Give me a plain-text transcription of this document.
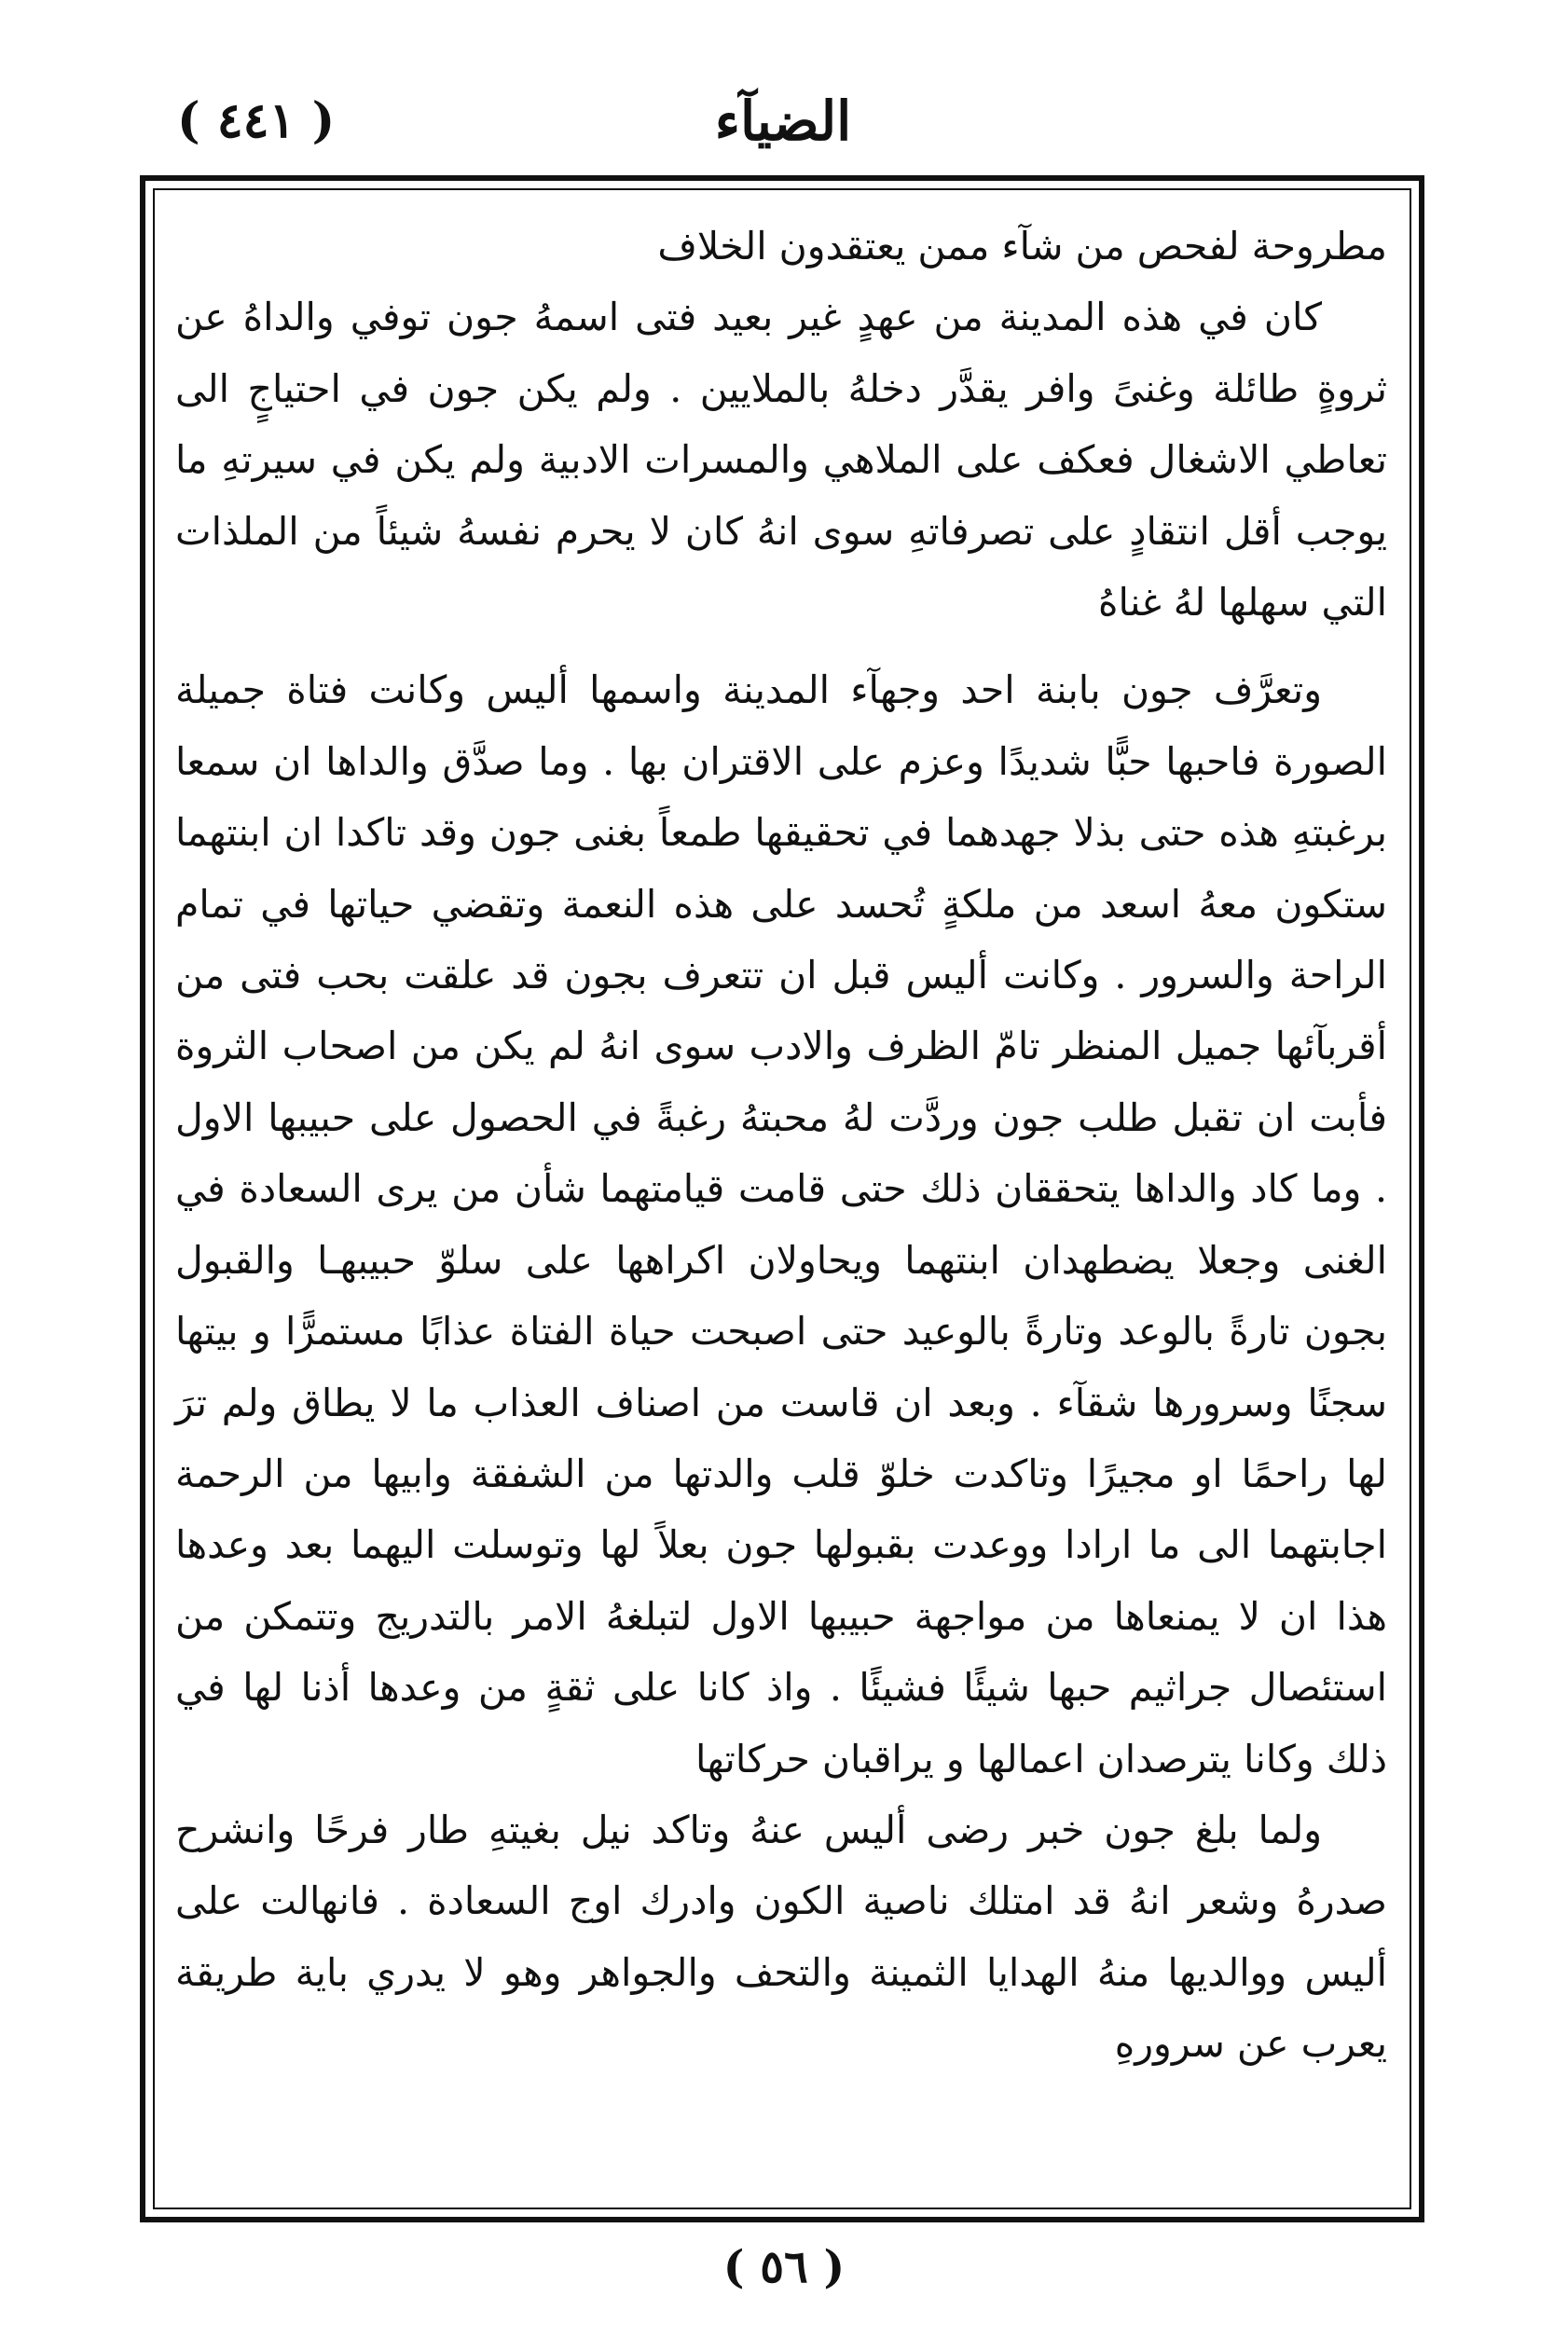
( ٤٤١ )	الضيآء

مطروحة لفحص من شآء ممن يعتقدون الخلاف

كان في هذه المدينة من عهدٍ غير بعيد فتى اسمهُ جون توفي والداهُ عن ثروةٍ طائلة وغنىً وافر يقدَّر دخلهُ بالملايين . ولم يكن جون في احتياجٍ الى تعاطي الاشغال فعكف على الملاهي والمسرات الادبية ولم يكن في سيرتهِ ما يوجب أقل انتقادٍ على تصرفاتهِ سوى انهُ كان لا يحرم نفسهُ شيئاً من الملذات التي سهلها لهُ غناهُ

وتعرَّف جون بابنة احد وجهآء المدينة واسمها أليس وكانت فتاة جميلة الصورة فاحبها حبًّا شديدًا وعزم على الاقتران بها . وما صدَّق والداها ان سمعا برغبتهِ هذه حتى بذلا جهدهما في تحقيقها طمعاً بغنى جون وقد تاكدا ان ابنتهما ستكون معهُ اسعد من ملكةٍ تُحسد على هذه النعمة وتقضي حياتها في تمام الراحة والسرور . وكانت أليس قبل ان تتعرف بجون قد علقت بحب فتى من أقربآئها جميل المنظر تامّ الظرف والادب سوى انهُ لم يكن من اصحاب الثروة فأبت ان تقبل طلب جون وردَّت لهُ محبتهُ رغبةً في الحصول على حبيبها الاول . وما كاد والداها يتحققان ذلك حتى قامت قيامتهما شأن من يرى السعادة في الغنى وجعلا يضطهدان ابنتهما ويحاولان اكراهها على سلوّ حبيبهـا والقبول بجون تارةً بالوعد وتارةً بالوعيد حتى اصبحت حياة الفتاة عذابًا مستمرًّا و بيتها سجنًا وسرورها شقآء . وبعد ان قاست من اصناف العذاب ما لا يطاق ولم ترَ لها راحمًا او مجيرًا وتاكدت خلوّ قلب والدتها من الشفقة وابيها من الرحمة اجابتهما الى ما ارادا ووعدت بقبولها جون بعلاً لها وتوسلت اليهما بعد وعدها هذا ان لا يمنعاها من مواجهة حبيبها الاول لتبلغهُ الامر بالتدريج وتتمكن من استئصال جراثيم حبها شيئًا فشيئًا . واذ كانا على ثقةٍ من وعدها أذنا لها في ذلك وكانا يترصدان اعمالها و يراقبان حركاتها

ولما بلغ جون خبر رضى أليس عنهُ وتاكد نيل بغيتهِ طار فرحًا وانشرح صدرهُ وشعر انهُ قد امتلك ناصية الكون وادرك اوج السعادة . فانهالت على أليس ووالديها منهُ الهدايا الثمينة والتحف والجواهر وهو لا يدري باية طريقة يعرب عن سرورهِ

( ٥٦ )
